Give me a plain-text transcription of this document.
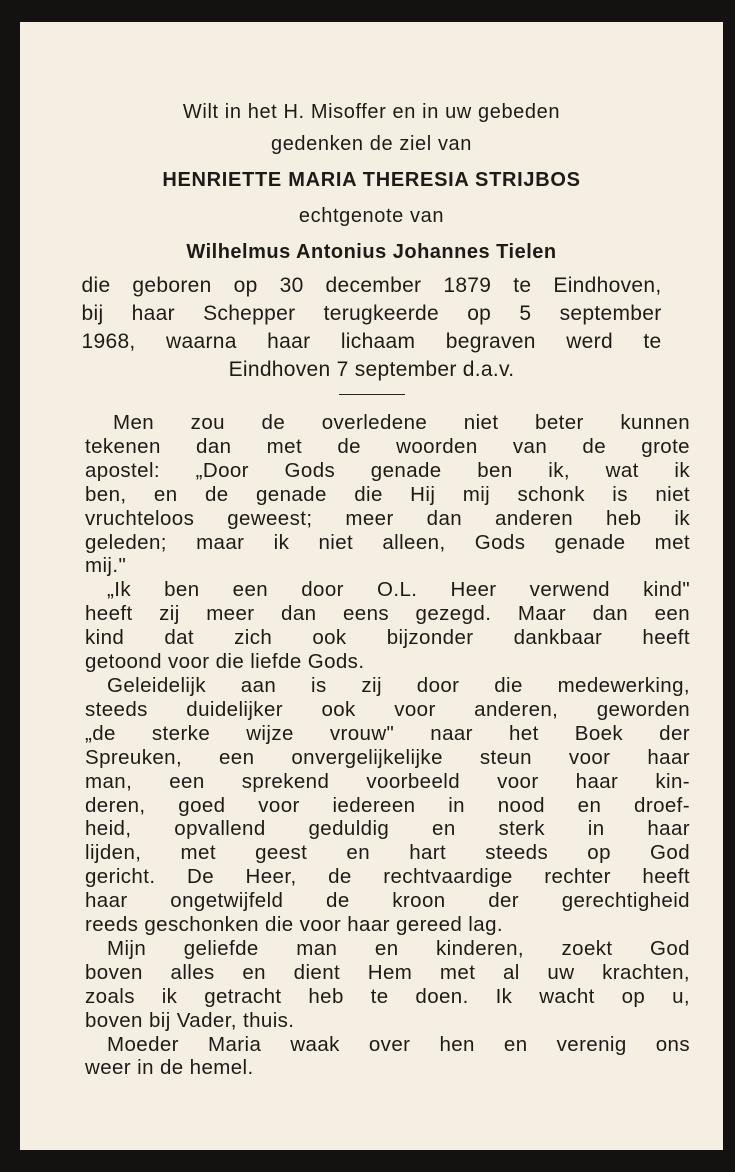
Wilt in het H. Misoffer en in uw gebeden

gedenken de ziel van

HENRIETTE MARIA THERESIA STRIJBOS

echtgenote van

Wilhelmus Antonius Johannes Tielen

die geboren op 30 december 1879 te Eindhoven,
bij haar Schepper terugkeerde op 5 september
1968, waarna haar lichaam begraven werd te
Eindhoven 7 september d.a.v.
Men zou de overledene niet beter kunnen
tekenen dan met de woorden van de grote
apostel: „Door Gods genade ben ik, wat ik
ben, en de genade die Hij mij schonk is niet
vruchteloos geweest; meer dan anderen heb ik
geleden; maar ik niet alleen, Gods genade met
mij."
„Ik ben een door O.L. Heer verwend kind"
heeft zij meer dan eens gezegd. Maar dan een
kind dat zich ook bijzonder dankbaar heeft
getoond voor die liefde Gods.
Geleidelijk aan is zij door die medewerking,
steeds duidelijker ook voor anderen, geworden
„de sterke wijze vrouw" naar het Boek der
Spreuken, een onvergelijkelijke steun voor haar
man, een sprekend voorbeeld voor haar kin-
deren, goed voor iedereen in nood en droef-
heid, opvallend geduldig en sterk in haar
lijden, met geest en hart steeds op God
gericht. De Heer, de rechtvaardige rechter heeft
haar ongetwijfeld de kroon der gerechtigheid
reeds geschonken die voor haar gereed lag.
Mijn geliefde man en kinderen, zoekt God
boven alles en dient Hem met al uw krachten,
zoals ik getracht heb te doen. Ik wacht op u,
boven bij Vader, thuis.
Moeder Maria waak over hen en verenig ons
weer in de hemel.
